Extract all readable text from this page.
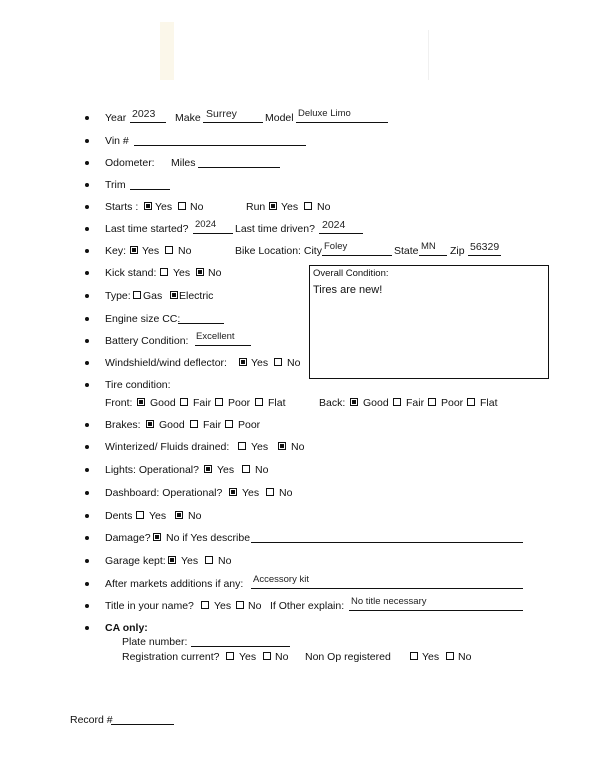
Year 2023 Make Surrey	Model Deluxe Limo
Vin #
Odometer: Miles
Trim
Starts : Yes No	Run Yes No
Last time started? 2024 Last time driven? 2024
Key: Yes No	Bike Location: City Foley	State MN Zip 56329
Kick stand: Yes No	Overall Condition:
Tires are new!
Type: Gas Electric
Engine size CC:
Battery Condition: Excellent
Windshield/wind deflector: Yes No
Tire condition:
Front: Good Fair Poor Flat	Back: Good Fair Poor Flat
Brakes: Good Fair Poor
Winterized/ Fluids drained: Yes No
Lights: Operational? Yes No
Dashboard: Operational? Yes No
Dents Yes No
Damage? No if Yes describe
Garage kept: Yes No
After markets additions if any: Accessory kit
Title in your name? Yes No If Other explain: No title necessary
CA only:
Plate number:
Registration current? Yes No Non Op registered	Yes No
Record #
